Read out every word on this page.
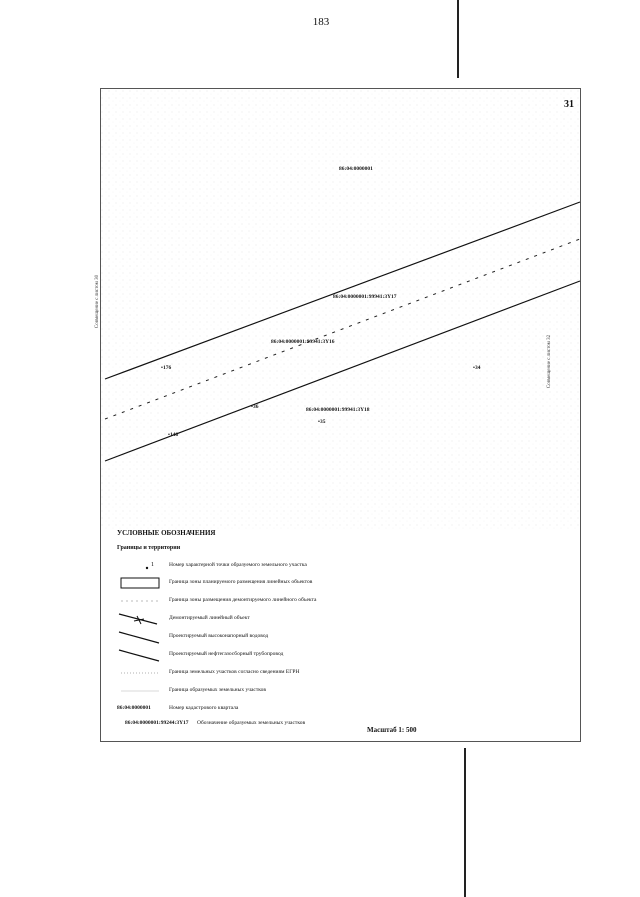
183
31
86:04:0000001
86:04:0000001:99941:3Y17
86:04:0000001:99941:3Y16
86:04:0000001:99941:3Y18
•176	•34
•36
•35
•148
Совмещение с листом 30
Совмещение с листом 32
УСЛОВНЫЕ ОБОЗНАЧЕНИЯ
Границы и территории
1	Номер характерной точки образуемого земельного участка
Граница зоны планируемого размещения линейных объектов
Граница зоны размещения демонтируемого линейного объекта
Демонтируемый линейный объект
Проектируемый высоконапорный водовод
Проектируемый нефтегазосборный трубопровод
Граница земельных участков согласно сведениям ЕГРН
Граница образуемых земельных участков
86:04:0000001	Номер кадастрового квартала
86:04:0000001:99244:3Y17 Обозначение образуемых земельных участков
Масштаб 1: 500
